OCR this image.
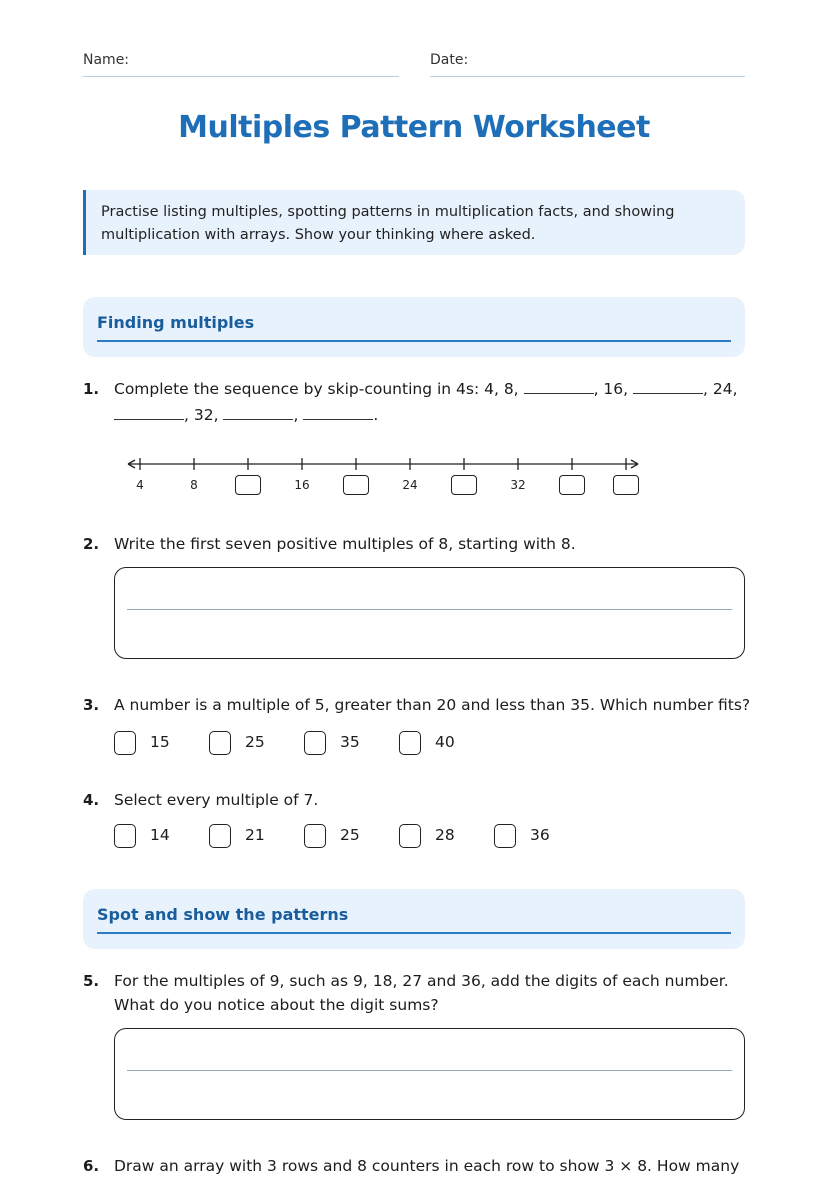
Name:	Date:
Multiples Pattern Worksheet
Practise listing multiples, spotting patterns in multiplication facts, and showing multiplication with arrays. Show your thinking where asked.
Finding multiples
1. Complete the sequence by skip-counting in 4s: 4, 8,	, 16,	, 24,
, 32,	,	.
4	8	16	24	32
2. Write the first seven positive multiples of 8, starting with 8.
3. A number is a multiple of 5, greater than 20 and less than 35. Which number fits?
15	25	35	40
4. Select every multiple of 7.
14	21	25	28	36
Spot and show the patterns
5. For the multiples of 9, such as 9, 18, 27 and 36, add the digits of each number.
What do you notice about the digit sums?
6. Draw an array with 3 rows and 8 counters in each row to show 3 × 8. How many
